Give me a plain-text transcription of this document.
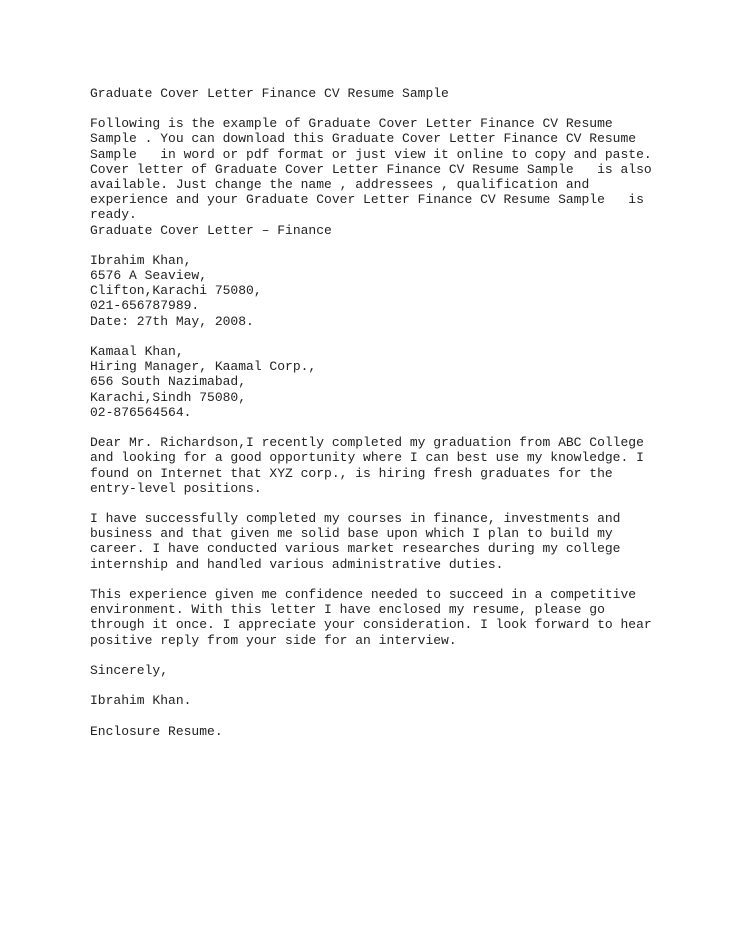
Graduate Cover Letter Finance CV Resume Sample
Following is the example of Graduate Cover Letter Finance CV Resume
Sample . You can download this Graduate Cover Letter Finance CV Resume
Sample   in word or pdf format or just view it online to copy and paste.
Cover letter of Graduate Cover Letter Finance CV Resume Sample   is also
available. Just change the name , addressees , qualification and
experience and your Graduate Cover Letter Finance CV Resume Sample   is
ready.
Graduate Cover Letter – Finance
Ibrahim Khan,
6576 A Seaview,
Clifton,Karachi 75080,
021-656787989.
Date: 27th May, 2008.
Kamaal Khan,
Hiring Manager, Kaamal Corp.,
656 South Nazimabad,
Karachi,Sindh 75080,
02-876564564.
Dear Mr. Richardson,I recently completed my graduation from ABC College
and looking for a good opportunity where I can best use my knowledge. I
found on Internet that XYZ corp., is hiring fresh graduates for the
entry-level positions.
I have successfully completed my courses in finance, investments and
business and that given me solid base upon which I plan to build my
career. I have conducted various market researches during my college
internship and handled various administrative duties.
This experience given me confidence needed to succeed in a competitive
environment. With this letter I have enclosed my resume, please go
through it once. I appreciate your consideration. I look forward to hear
positive reply from your side for an interview.
Sincerely,
Ibrahim Khan.
Enclosure Resume.
